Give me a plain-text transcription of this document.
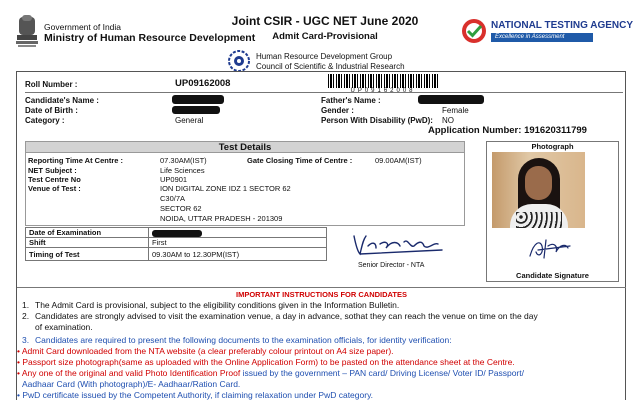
Government of India
Ministry of Human Resource Development
Joint CSIR - UGC NET June 2020
Admit Card-Provisional
Human Resource Development Group
Council of Scientific & Industrial Research
NATIONAL TESTING AGENCY
Excellence in Assessment
Roll Number :	UP09162008
UP09162008
Candidate's Name :
Date of Birth :
Category :	General
Father's Name :
Gender :	Female
Person With Disability (PwD): NO
Application Number: 191620311799
Test Details
Reporting Time At Centre :	07.30AM(IST)	Gate Closing Time of Centre :	09.00AM(IST)
NET Subject :	Life Sciences
Test Centre No	UP0901
Venue of Test :	ION DIGITAL ZONE IDZ 1 SECTOR 62
C30/7A
SECTOR 62
NOIDA, UTTAR PRADESH - 201309
Date of Examination	
Shift	First
Timing of Test	09.30AM to 12.30PM(IST)
Senior Director - NTA
Photograph
Candidate Signature
IMPORTANT INSTRUCTIONS FOR CANDIDATES
1. The Admit Card is provisional, subject to the eligibility conditions given in the Information Bulletin.
2. Candidates are strongly advised to visit the examination venue, a day in advance, sothat they can reach the venue on time on the day
of examination.
3. Candidates are required to present the following documents to the examination officials, for identity verification:
• Admit Card downloaded from the NTA website (a clear preferably colour printout on A4 size paper).
• Passport size photograph(same as uploaded with the Online Application Form) to be pasted on the attendance sheet at the Centre.
• Any one of the original and valid Photo Identification Proof issued by the government – PAN card/ Driving License/ Voter ID/ Passport/
Aadhaar Card (With photograph)/E- Aadhaar/Ration Card.
• PwD certificate issued by the Competent Authority, if claiming relaxation under PwD category.
